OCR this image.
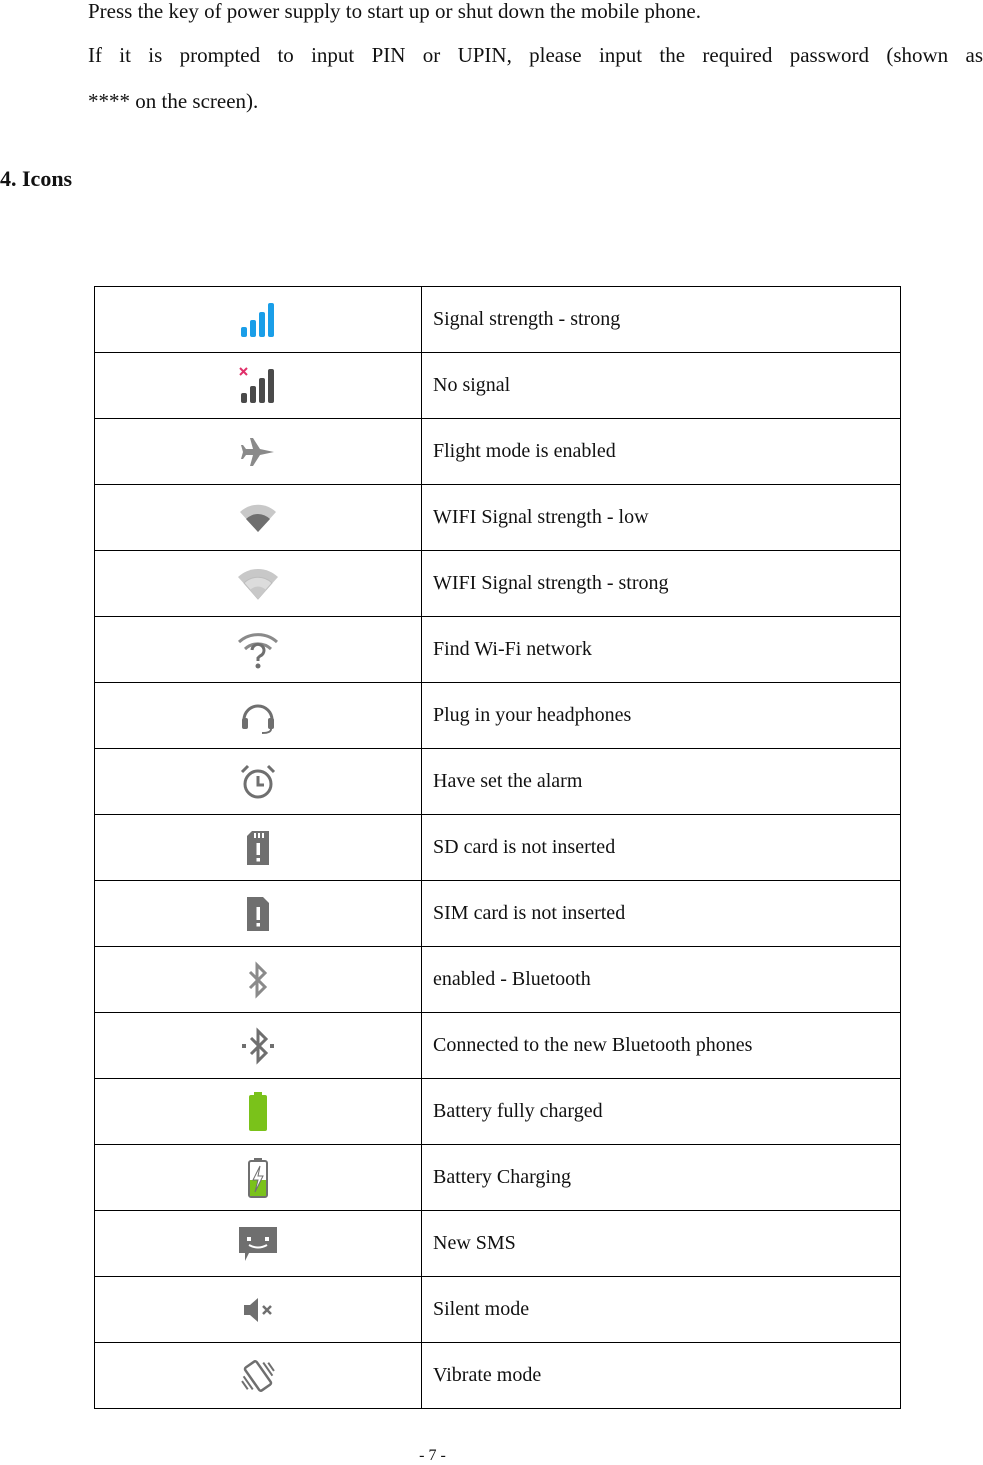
Press the key of power supply to start up or shut down the mobile phone.

If it is prompted to input PIN or UPIN, please input the required password (shown as

**** on the screen).

4. Icons
	Signal strength - strong

	No signal

	Flight mode is enabled

	WIFI Signal strength - low

	WIFI Signal strength - strong

	Find Wi-Fi network

	Plug in your headphones

	Have set the alarm

	SD card is not inserted

	SIM card is not inserted

	enabled - Bluetooth

	Connected to the new Bluetooth phones

	Battery fully charged

	Battery Charging

	New SMS

	Silent mode

	Vibrate mode
- 7 -
